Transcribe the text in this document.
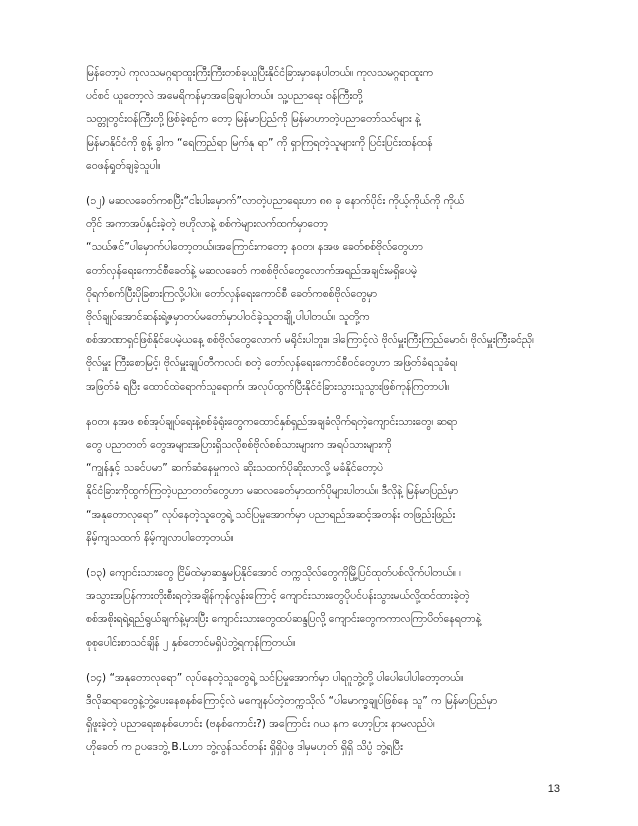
မြန်တော့ပဲ ကုလသမဂ္ဂရာထူးကြီးကြီးတစ်ခုယူပြီးနိုင်ငံခြားမှာနေပါတယ်။ ကုလသမဂ္ဂရာထူးက
ပင်စင် ယူတော့လဲ အမေရိကန်မှာအခြေချပါတယ်။ သူ့ပညာရေး ဝန်ကြီးတို့
သတ္တုတွင်းဝန်ကြီးတို့ဖြစ်ခဲ့စဉ်က တော့ မြန်မာပြည်ကို မြန်မာဟာတဲ့ပညာတော်သင်များ နဲ့
မြန်မာနိုင်ငံကို စွန့် ခွါက “ရေကြည်ရာ မြက်နု ရာ” ကို ရှာကြရတဲ့သူများကို ပြင်းပြင်းထန်ထန်
ဝေဖန်ရှုတ်ချခဲ့သူပါ။
(၁၂) မဆလခေတ်ကစပြီး“ငါးပါးမှောက်”လာတဲ့ပညာရေးဟာ ၈၈ ခု နောက်ပိုင်း ကိုယ့်ကိုယ်ကို ကိုယ်
တိုင် အကာအပ်နှင်းခဲ့တဲ့ ဗဟိုလာနဲ့ စစ်ကဲများလက်ထက်မှာတော့
“သယ်ဇင်”ပါမှောက်ပါတော့တယ်။အကြောင်းကတော့ န၀တ၊ နအဖ ခေတ်စစ်ဗိုလ်တွေဟာ
တော်လှန်ရေးကောင်စီခေတ်နဲ့ မဆလခေတ် ကစစ်ဗိုလ်တွေလောက်အရည်အချင်းမရှိပေမဲ့
ဝိုရက်စက်ပြီးပိုခြစားကြလို့ပါပဲ။ တော်လှန်ရေးကောင်စီ ခေတ်ကစစ်ဗိုလ်တွေမှာ
ဗိုလ်ချုပ်အောင်ဆန်းရဲ့ဇမှာတပ်မတော်မှာပါဝင်ခဲ့သူတချို့ ပါပါတယ်။ သူတို့က
စစ်အာဏာရှင်ဖြစ်နိုင်ပေမဲ့ယနေ့ စစ်ဗိုလ်တွေလောက် မရိုင်းပါဘူး။ ဒါကြောင့်လဲ ဗိုလ်မှူးကြီးကြည်မောင်၊ ဗိုလ်မှူးကြီးခင်ညို၊
ဗိုလ်မှူး ကြီးစောမြင့်၊ ဗိုလ်မှူးချုပ်တီကလင်၊ စတဲ့ တော်လှန်ရေးကောင်စီဝင်တွေဟာ အဖြတ်ခံရသူခံရ၊
အဖြတ်ခံ ရပြီး ထောင်ထဲရောက်သူရောက်၊ အလုပ်ထွက်ပြီးနိုင်ငံခြားသွားသူသွားဖြစ်ကုန်ကြတာပါ။
န၀တ၊ နအဖ စစ်အုပ်ချုပ်ရေးနဲ့စစ်ခုံရုံးတွေကထောင်နှစ်ရှည်အချခံလိုက်ရတဲ့ကျောင်းသားတွေ၊ ဆရာ
တွေ ပညာတတ် တွေအများအပြားရှိသလိုစစ်ဗိုလ်စစ်သားများက အရပ်သားများကို
“ကျွန်နှင့် သခင်ပမာ” ဆက်ဆံနေမှုကလဲ ဆိုးသထက်ပိုဆိုးလာလို့ မခံနိုင်တော့ပဲ
နိုင်ငံခြားကိုထွက်ကြတဲ့ပညာတတ်တွေဟာ မဆလခေတ်မှာထက်ပိုများပါတယ်။ ဒီလိုနဲ့ မြန်မာပြည်မှာ
“အနုတောလုရော” လုပ်နေတဲ့သူတွေရဲ့ သင်ပြမှုအောက်မှာ ပညာရည်အဆင့်အတန်း တဖြည်းဖြည်း
နိမ့်ကျသထက် နိမ့်ကျလာပါတော့တယ်။
(၁၃) ကျောင်းသားတွေ ငြိမ်ထဲမှာဆန္ဒမပြနိုင်အောင် တက္ကသိုလ်တွေကိုမြို့ပြင်ထုတ်ပစ်လိုက်ပါတယ်။ ၊
အသွားအပြန်ကားတိုးစီးရတဲ့အချိန်ကုန်လွန်းကြောင့် ကျောင်းသားတွေပိုပင်ပန်းသွားမယ်လို့ထင်ထားခဲ့တဲ့
စစ်အစိုးရရဲ့ရည်ရွယ်ချက်နဲ့မှားပြီး ကျောင်းသားတွေထပ်ဆန္ဒပြလို့ ကျောင်းတွေကကာလကြာပိတ်နေရတာနဲ့
စုစုပေါင်းစာသင်ချိန် ၂ နှစ်တောင်မရှိပဲဘွဲ့ရကုန်ကြတယ်။
(၁၄) “အနုတောလုရော” လုပ်နေတဲ့သူတွေရဲ့ သင်ပြမှုအောက်မှာ ပါရဂူဘွဲ့တို့ ပါပေါပေါပါတော့တယ်။
ဒီလိုဆရာတွေနဲ့ဘွဲ့ပေးနေစနစ်ကြောင့်လဲ မကျေနပ်တဲ့တက္ကသိုလ် “ပါမောက္ခချုပ်ဖြစ်နေ သူ” က မြန်မာပြည်မှာ
ရှိဖူးခဲ့တဲ့ ပညာရေးစနစ်ဟောင်း (ဗနစ်ကောင်း?) အကြောင်း ဂယ နက ဟော့ပြား နာမလည်ပဲ၊
ဟိုခေတ် က ဥပဒေဘွဲ့ B.Lဟာ ဘွဲ့လွန်သင်တန်း ရှိရှိပဲဖွ ဒါမှမဟုတ် ရှိရှိ သိပ္ပံ ဘွဲ့ရပြီး
13
